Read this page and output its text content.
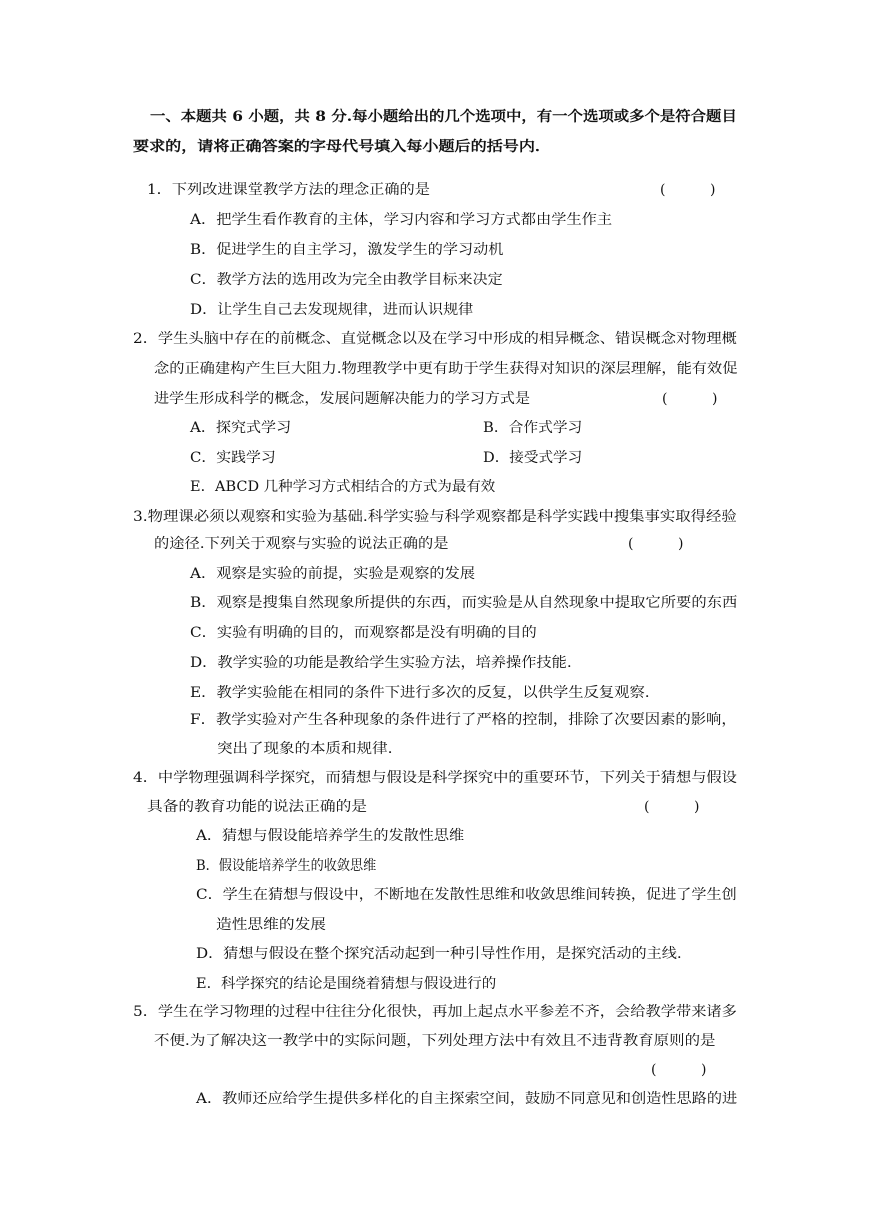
一、本题共 6 小题，共 8 分.每小题给出的几个选项中，有一个选项或多个是符合题目
要求的，请将正确答案的字母代号填入每小题后的括号内．
1．下列改进课堂教学方法的理念正确的是	(          )
A．把学生看作教育的主体，学习内容和学习方式都由学生作主
B．促进学生的自主学习，激发学生的学习动机
C．教学方法的选用改为完全由教学目标来决定
D．让学生自己去发现规律，进而认识规律
2．学生头脑中存在的前概念、直觉概念以及在学习中形成的相异概念、错误概念对物理概
念的正确建构产生巨大阻力.物理教学中更有助于学生获得对知识的深层理解，能有效促
进学生形成科学的概念，发展问题解决能力的学习方式是	(          )
A．探究式学习	B．合作式学习
C．实践学习	D．接受式学习
E．ABCD 几种学习方式相结合的方式为最有效
3.物理课必须以观察和实验为基础.科学实验与科学观察都是科学实践中搜集事实取得经验
的途径.下列关于观察与实验的说法正确的是	(          )
A．观察是实验的前提，实验是观察的发展
B．观察是搜集自然现象所提供的东西，而实验是从自然现象中提取它所要的东西
C．实验有明确的目的，而观察都是没有明确的目的
D．教学实验的功能是教给学生实验方法，培养操作技能.
E．教学实验能在相同的条件下进行多次的反复，以供学生反复观察.
F．教学实验对产生各种现象的条件进行了严格的控制，排除了次要因素的影响，
突出了现象的本质和规律.
4．中学物理强调科学探究，而猜想与假设是科学探究中的重要环节，下列关于猜想与假设
具备的教育功能的说法正确的是	(          )
A．猜想与假设能培养学生的发散性思维
B．假设能培养学生的收敛思维
C．学生在猜想与假设中，不断地在发散性思维和收敛思维间转换，促进了学生创
造性思维的发展
D．猜想与假设在整个探究活动起到一种引导性作用，是探究活动的主线.
E．科学探究的结论是围绕着猜想与假设进行的
5．学生在学习物理的过程中往往分化很快，再加上起点水平参差不齐，会给教学带来诸多
不便.为了解决这一教学中的实际问题，下列处理方法中有效且不违背教育原则的是
(          )
A．教师还应给学生提供多样化的自主探索空间，鼓励不同意见和创造性思路的进
